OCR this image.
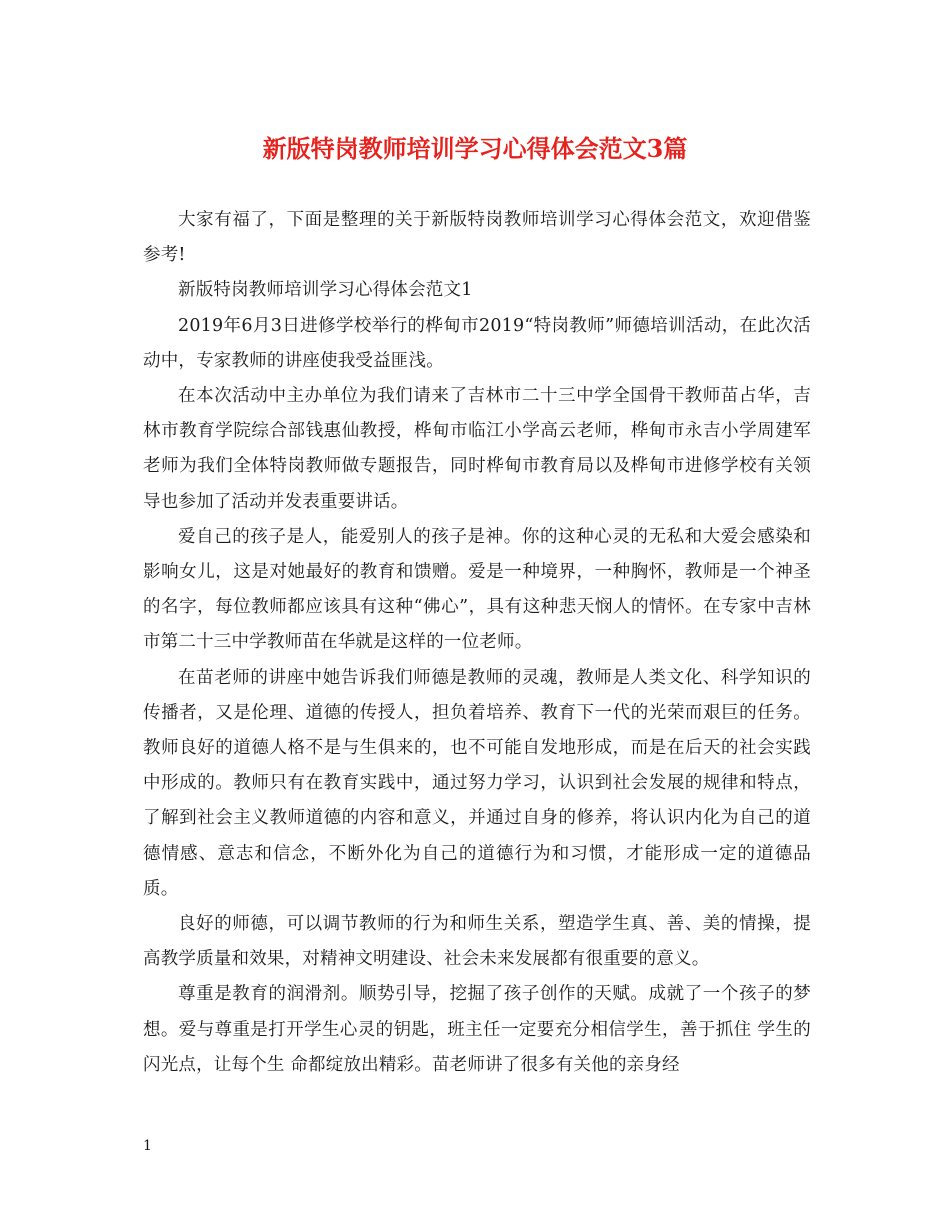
新版特岗教师培训学习心得体会范文3篇

大家有福了，下面是整理的关于新版特岗教师培训学习心得体会范文，欢迎借鉴参考!

新版特岗教师培训学习心得体会范文1

2019年6月3日进修学校举行的桦甸市2019“特岗教师”师德培训活动，在此次活动中，专家教师的讲座使我受益匪浅。

在本次活动中主办单位为我们请来了吉林市二十三中学全国骨干教师苗占华，吉林市教育学院综合部钱惠仙教授，桦甸市临江小学高云老师，桦甸市永吉小学周建军老师为我们全体特岗教师做专题报告，同时桦甸市教育局以及桦甸市进修学校有关领导也参加了活动并发表重要讲话。

爱自己的孩子是人，能爱别人的孩子是神。你的这种心灵的无私和大爱会感染和影响女儿，这是对她最好的教育和馈赠。爱是一种境界，一种胸怀，教师是一个神圣的名字，每位教师都应该具有这种“佛心”，具有这种悲天悯人的情怀。在专家中吉林市第二十三中学教师苗在华就是这样的一位老师。

在苗老师的讲座中她告诉我们师德是教师的灵魂，教师是人类文化、科学知识的传播者，又是伦理、道德的传授人，担负着培养、教育下一代的光荣而艰巨的任务。教师良好的道德人格不是与生俱来的，也不可能自发地形成，而是在后天的社会实践中形成的。教师只有在教育实践中，通过努力学习，认识到社会发展的规律和特点，了解到社会主义教师道德的内容和意义，并通过自身的修养，将认识内化为自己的道德情感、意志和信念，不断外化为自己的道德行为和习惯，才能形成一定的道德品质。

良好的师德，可以调节教师的行为和师生关系，塑造学生真、善、美的情操，提高教学质量和效果，对精神文明建设、社会未来发展都有很重要的意义。

尊重是教育的润滑剂。顺势引导，挖掘了孩子创作的天赋。成就了一个孩子的梦想。爱与尊重是打开学生心灵的钥匙，班主任一定要充分相信学生，善于抓住 学生的闪光点，让每个生 命都绽放出精彩。苗老师讲了很多有关他的亲身经

1
